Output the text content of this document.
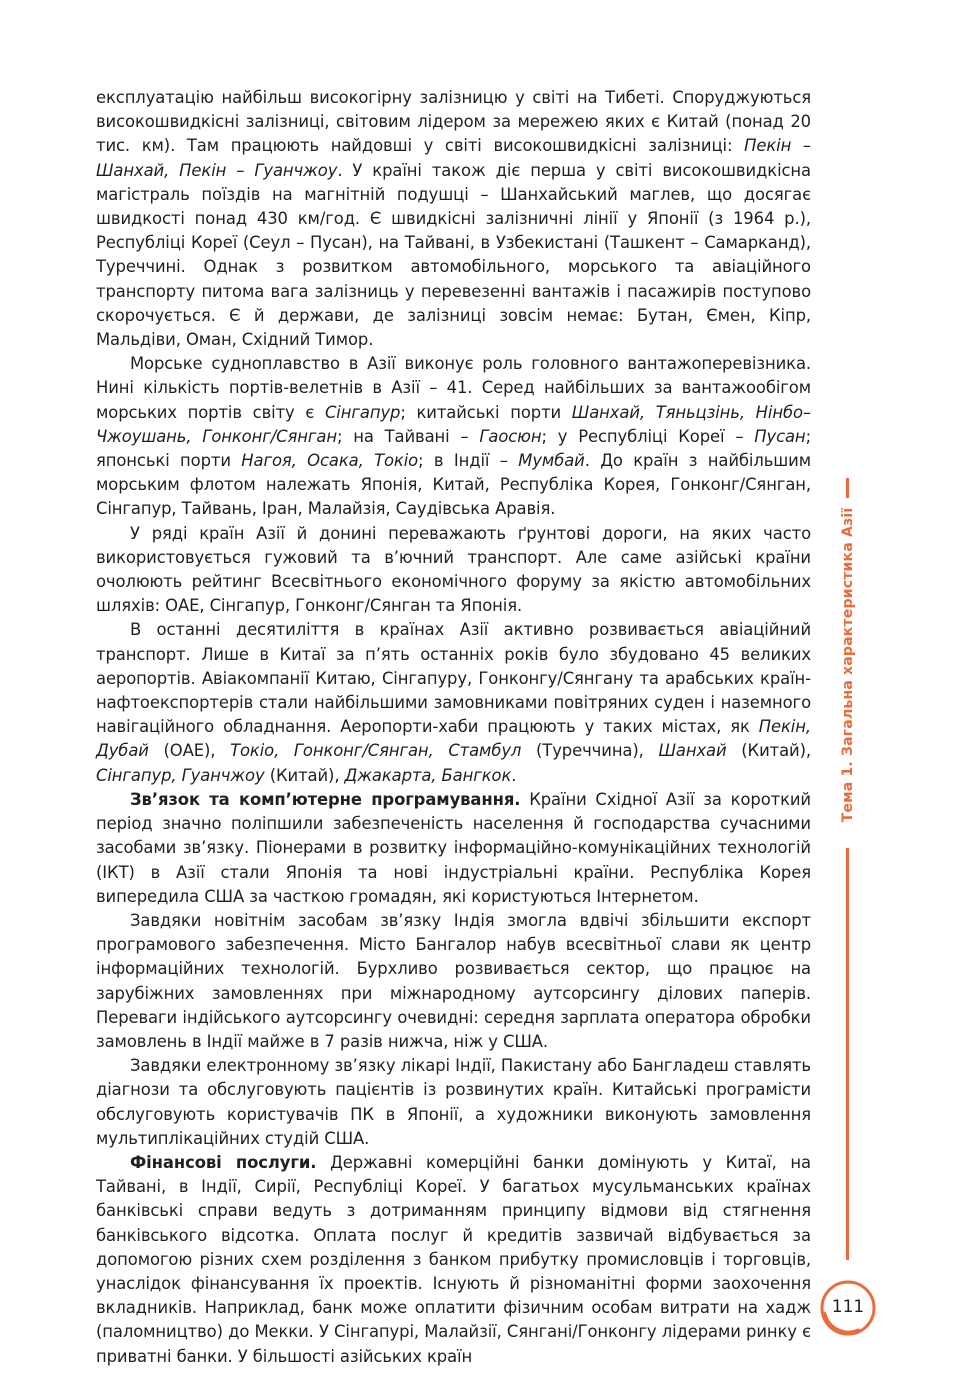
експлуатацію найбільш високогірну залізницю у світі на Тибеті. Споруджуються високошвидкісні залізниці, світовим лідером за мережею яких є Китай (понад 20 тис. км). Там працюють найдовші у світі високошвидкісні залізниці: Пекін – Шанхай, Пекін – Гуанчжоу. У країні також діє перша у світі високошвидкісна магістраль поїздів на магнітній подушці – Шанхайський маглев, що досягає швидкості понад 430 км/год. Є швидкісні залізничні лінії у Японії (з 1964 р.), Республіці Кореї (Сеул – Пусан), на Тайвані, в Узбекистані (Ташкент – Самарканд), Туреччині. Однак з розвитком автомобільного, морського та авіаційного транспорту питома вага залізниць у перевезенні вантажів і пасажирів поступово скорочується. Є й держави, де залізниці зовсім немає: Бутан, Ємен, Кіпр, Мальдіви, Оман, Східний Тимор.

Морське судноплавство в Азії виконує роль головного вантажоперевізника. Нині кількість портів-велетнів в Азії – 41. Серед найбільших за вантажообігом морських портів світу є Сінгапур; китайські порти Шанхай, Тяньцзінь, Нінбо–Чжоушань, Гонконг/Сянган; на Тайвані – Гаосюн; у Республіці Кореї – Пусан; японські порти Нагоя, Осака, Токіо; в Індії – Мумбай. До країн з найбільшим морським флотом належать Японія, Китай, Республіка Корея, Гонконг/Сянган, Сінгапур, Тайвань, Іран, Малайзія, Саудівська Аравія.

У ряді країн Азії й донині переважають ґрунтові дороги, на яких часто використовується гужовий та в’ючний транспорт. Але саме азійські країни очолюють рейтинг Всесвітнього економічного форуму за якістю автомобільних шляхів: ОАЕ, Сінгапур, Гонконг/Сянган та Японія.

В останні десятиліття в країнах Азії активно розвивається авіаційний транспорт. Лише в Китаї за п’ять останніх років було збудовано 45 великих аеропортів. Авіакомпанії Китаю, Сінгапуру, Гонконгу/Сянгану та арабських країн-нафтоекспортерів стали найбільшими замовниками повітряних суден і наземного навігаційного обладнання. Аеропорти-хаби працюють у таких містах, як Пекін, Дубай (ОАЕ), Токіо, Гонконг/Сянган, Стамбул (Туреччина), Шанхай (Китай), Сінгапур, Гуанчжоу (Китай), Джакарта, Бангкок.

Зв’язок та комп’ютерне програмування. Країни Східної Азії за короткий період значно поліпшили забезпеченість населення й господарства сучасними засобами зв’язку. Піонерами в розвитку інформаційно-комунікаційних технологій (ІКТ) в Азії стали Японія та нові індустріальні країни. Республіка Корея випередила США за часткою громадян, які користуються Інтернетом.

Завдяки новітнім засобам зв’язку Індія змогла вдвічі збільшити експорт програмового забезпечення. Місто Бангалор набув всесвітньої слави як центр інформаційних технологій. Бурхливо розвивається сектор, що працює на зарубіжних замовленнях при міжнародному аутсорсингу ділових паперів. Переваги індійського аутсорсингу очевидні: середня зарплата оператора обробки замовлень в Індії майже в 7 разів нижча, ніж у США.

Завдяки електронному зв’язку лікарі Індії, Пакистану або Бангладеш ставлять діагнози та обслуговують пацієнтів із розвинутих країн. Китайські програмісти обслуговують користувачів ПК в Японії, а художники виконують замовлення мультиплікаційних студій США.

Фінансові послуги. Державні комерційні банки домінують у Китаї, на Тайвані, в Індії, Сирії, Республіці Кореї. У багатьох мусульманських країнах банківські справи ведуть з дотриманням принципу відмови від стягнення банківського відсотка. Оплата послуг й кредитів зазвичай відбувається за допомогою різних схем розділення з банком прибутку промисловців і торговців, унаслідок фінансування їх проектів. Існують й різноманітні форми заохочення вкладників. Наприклад, банк може оплатити фізичним особам витрати на хадж (паломництво) до Мекки. У Сінгапурі, Малайзії, Сянгані/Гонконгу лідерами ринку є приватні банки. У більшості азійських країн

Тема 1. Загальна характеристика Азії
111
